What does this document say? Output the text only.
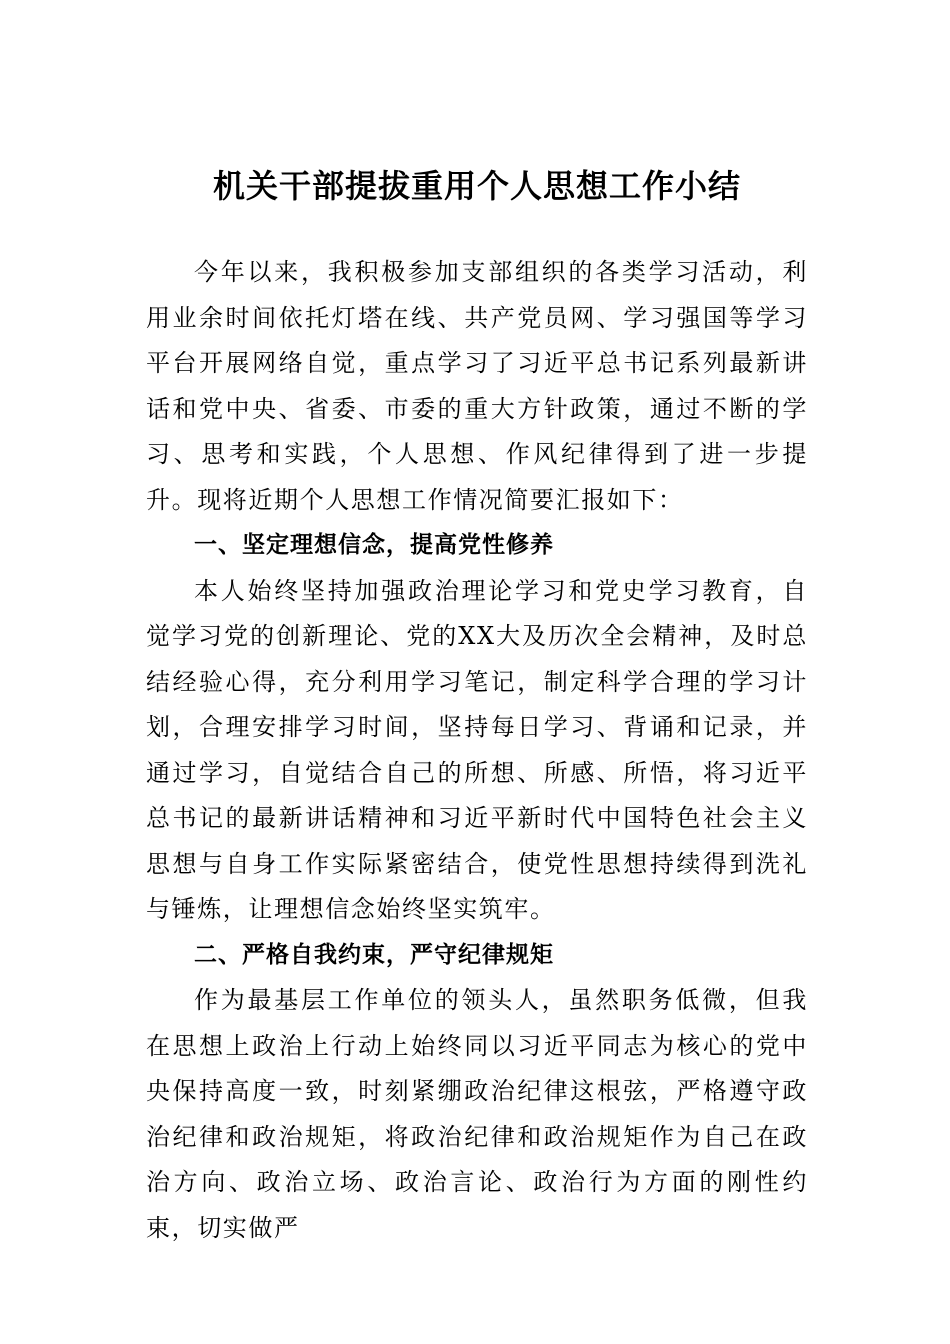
机关干部提拔重用个人思想工作小结

今年以来，我积极参加支部组织的各类学习活动，利用业余时间依托灯塔在线、共产党员网、学习强国等学习平台开展网络自觉，重点学习了习近平总书记系列最新讲话和党中央、省委、市委的重大方针政策，通过不断的学习、思考和实践，个人思想、作风纪律得到了进一步提升。现将近期个人思想工作情况简要汇报如下：

一、坚定理想信念，提高党性修养

本人始终坚持加强政治理论学习和党史学习教育，自觉学习党的创新理论、党的XX大及历次全会精神，及时总结经验心得，充分利用学习笔记，制定科学合理的学习计划，合理安排学习时间，坚持每日学习、背诵和记录，并通过学习，自觉结合自己的所想、所感、所悟，将习近平总书记的最新讲话精神和习近平新时代中国特色社会主义思想与自身工作实际紧密结合，使党性思想持续得到洗礼与锤炼，让理想信念始终坚实筑牢。

二、严格自我约束，严守纪律规矩

作为最基层工作单位的领头人，虽然职务低微，但我在思想上政治上行动上始终同以习近平同志为核心的党中央保持高度一致，时刻紧绷政治纪律这根弦，严格遵守政治纪律和政治规矩，将政治纪律和政治规矩作为自己在政治方向、政治立场、政治言论、政治行为方面的刚性约束，切实做严
